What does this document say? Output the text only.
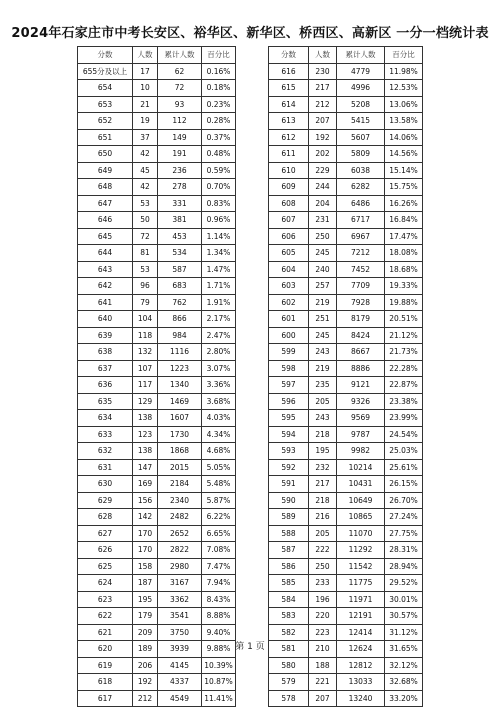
2024年石家庄市中考长安区、裕华区、新华区、桥西区、高新区 一分一档统计表
分数	人数	累计人数	百分比
655分及以上	17	62	0.16%
654	10	72	0.18%
653	21	93	0.23%
652	19	112	0.28%
651	37	149	0.37%
650	42	191	0.48%
649	45	236	0.59%
648	42	278	0.70%
647	53	331	0.83%
646	50	381	0.96%
645	72	453	1.14%
644	81	534	1.34%
643	53	587	1.47%
642	96	683	1.71%
641	79	762	1.91%
640	104	866	2.17%
639	118	984	2.47%
638	132	1116	2.80%
637	107	1223	3.07%
636	117	1340	3.36%
635	129	1469	3.68%
634	138	1607	4.03%
633	123	1730	4.34%
632	138	1868	4.68%
631	147	2015	5.05%
630	169	2184	5.48%
629	156	2340	5.87%
628	142	2482	6.22%
627	170	2652	6.65%
626	170	2822	7.08%
625	158	2980	7.47%
624	187	3167	7.94%
623	195	3362	8.43%
622	179	3541	8.88%
621	209	3750	9.40%
620	189	3939	9.88%
619	206	4145	10.39%
618	192	4337	10.87%
617	212	4549	11.41%
分数	人数	累计人数	百分比
616	230	4779	11.98%
615	217	4996	12.53%
614	212	5208	13.06%
613	207	5415	13.58%
612	192	5607	14.06%
611	202	5809	14.56%
610	229	6038	15.14%
609	244	6282	15.75%
608	204	6486	16.26%
607	231	6717	16.84%
606	250	6967	17.47%
605	245	7212	18.08%
604	240	7452	18.68%
603	257	7709	19.33%
602	219	7928	19.88%
601	251	8179	20.51%
600	245	8424	21.12%
599	243	8667	21.73%
598	219	8886	22.28%
597	235	9121	22.87%
596	205	9326	23.38%
595	243	9569	23.99%
594	218	9787	24.54%
593	195	9982	25.03%
592	232	10214	25.61%
591	217	10431	26.15%
590	218	10649	26.70%
589	216	10865	27.24%
588	205	11070	27.75%
587	222	11292	28.31%
586	250	11542	28.94%
585	233	11775	29.52%
584	196	11971	30.01%
583	220	12191	30.57%
582	223	12414	31.12%
581	210	12624	31.65%
580	188	12812	32.12%
579	221	13033	32.68%
578	207	13240	33.20%
第 1 页
